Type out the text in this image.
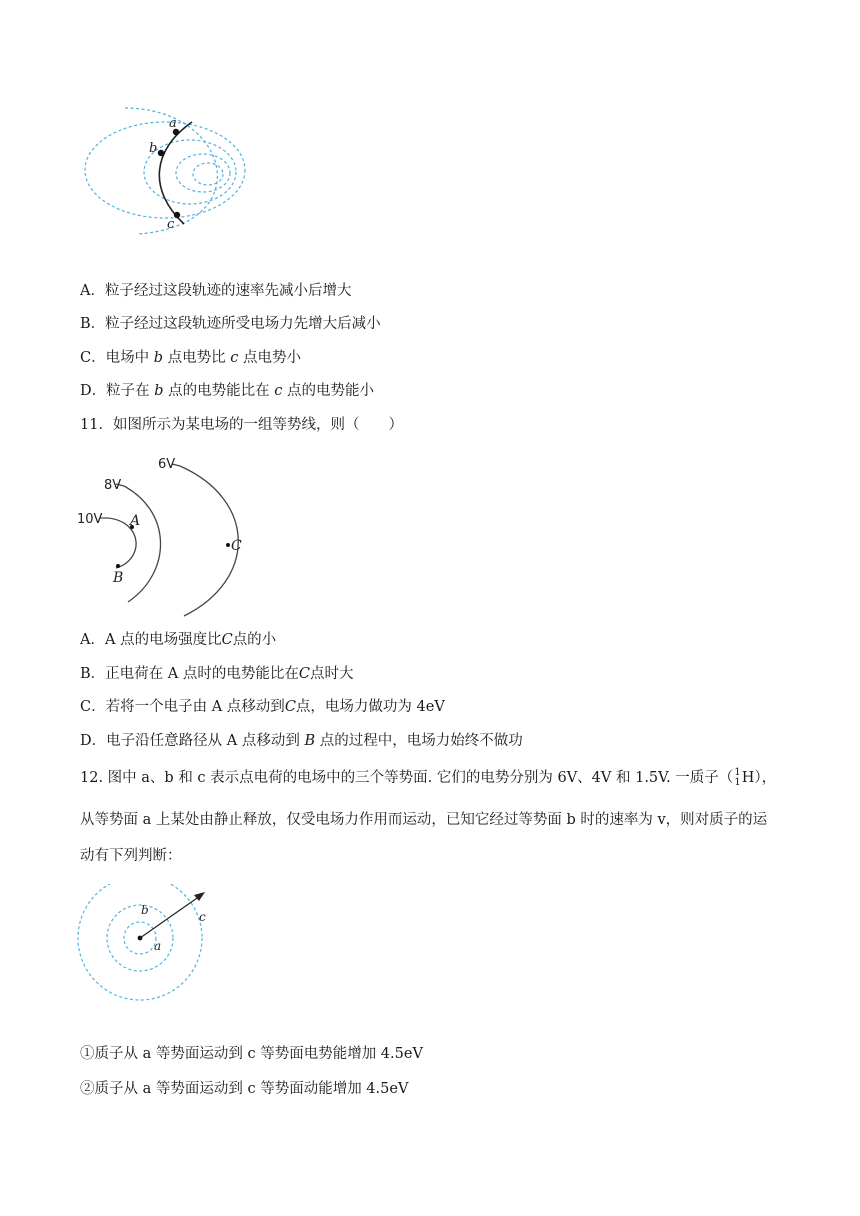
a
b
c
A．粒子经过这段轨迹的速率先减小后增大
B．粒子经过这段轨迹所受电场力先增大后减小
C．电场中 b 点电势比 c 点电势小
D．粒子在 b 点的电势能比在 c 点的电势能小
11．如图所示为某电场的一组等势线，则（　　）
6V
8V
10V A
B
C
A．A 点的电场强度比C点的小
B．正电荷在 A 点时的电势能比在C点时大
C．若将一个电子由 A 点移动到C点，电场力做功为 4eV
D．电子沿任意路径从 A 点移动到 B 点的过程中，电场力始终不做功
12. 图中 a、b 和 c 表示点电荷的电场中的三个等势面. 它们的电势分别为 6V、4V 和 1.5V. 一质子（ 1
1 H），
从等势面 a 上某处由静止释放，仅受电场力作用而运动，已知它经过等势面 b 时的速率为 v，则对质子的运
动有下列判断：
a
b	c
①质子从 a 等势面运动到 c 等势面电势能增加 4.5eV
②质子从 a 等势面运动到 c 等势面动能增加 4.5eV
